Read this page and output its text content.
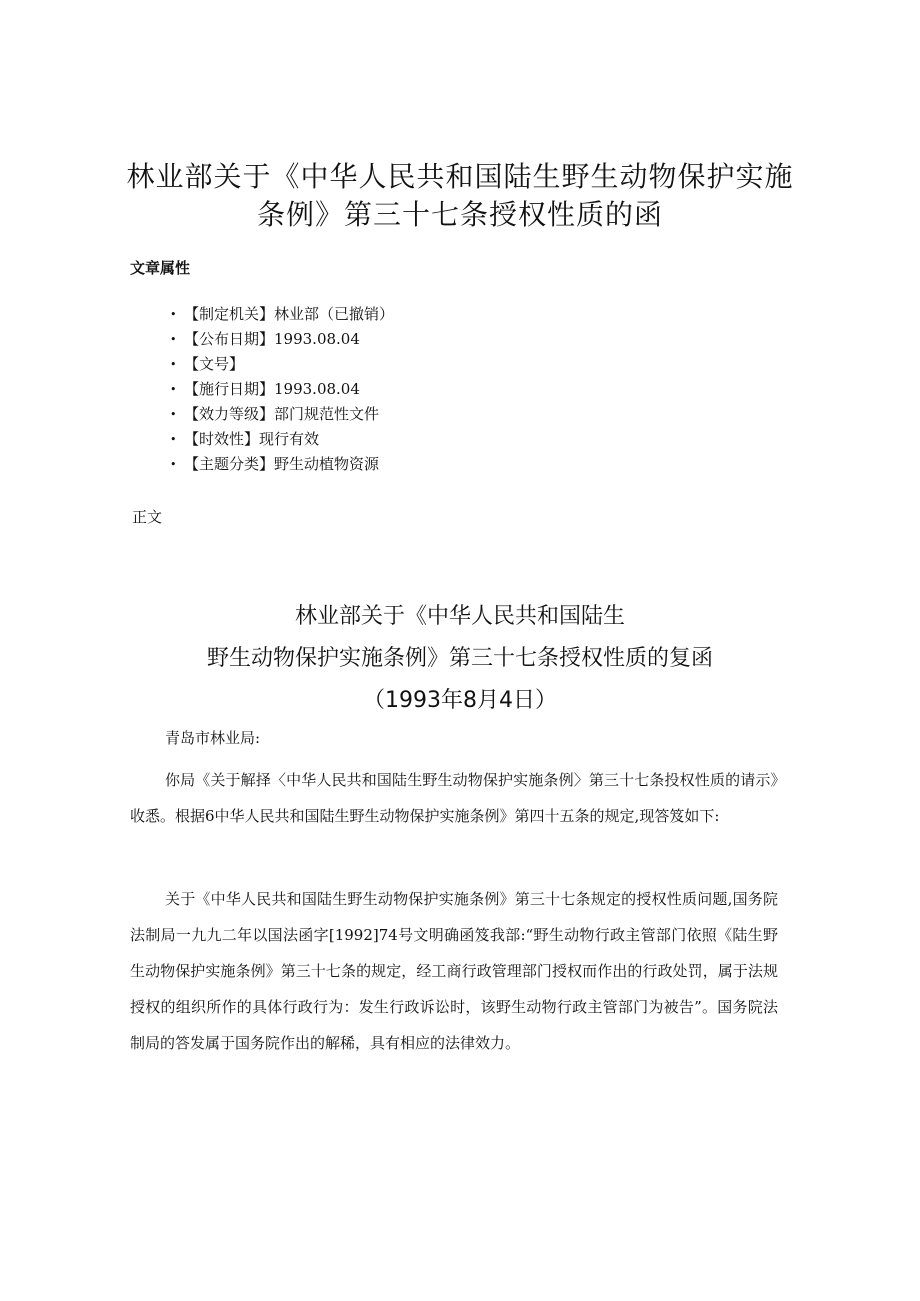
林业部关于《中华人民共和国陆生野生动物保护实施
条例》第三十七条授权性质的函
文章属性
• 【制定机关】林业部（已撤销）
• 【公布日期】1993.08.04
• 【文号】
• 【施行日期】1993.08.04
• 【效力等级】部门规范性文件
• 【时效性】现行有效
• 【主题分类】野生动植物资源

正文

林业部关于《中华人民共和国陆生
野生动物保护实施条例》第三十七条授权性质的复函
（1993年8月4日）

青岛市林业局:

你局《关于解择〈中华人民共和国陆生野生动物保护实施条例〉第三十七条投权性质的请示》收悉。根据6中华人民共和国陆生野生动物保护实施条例》第四十五条的规定,现答笈如下:

关于《中华人民共和国陆生野生动物保护实施条例》第三十七条规定的授权性质问题,国务院法制局一九九二年以国法函字[1992]74号文明确函笈我部:“野生动物行政主管部门依照《陆生野生动物保护实施条例》第三十七条的规定，经工商行政管理部门授权而作出的行政处罚，属于法规授权的组织所作的具体行政行为：发生行政诉讼时，该野生动物行政主管部门为被告”。国务院法制局的答发属于国务院作出的解稀，具有相应的法律效力。
